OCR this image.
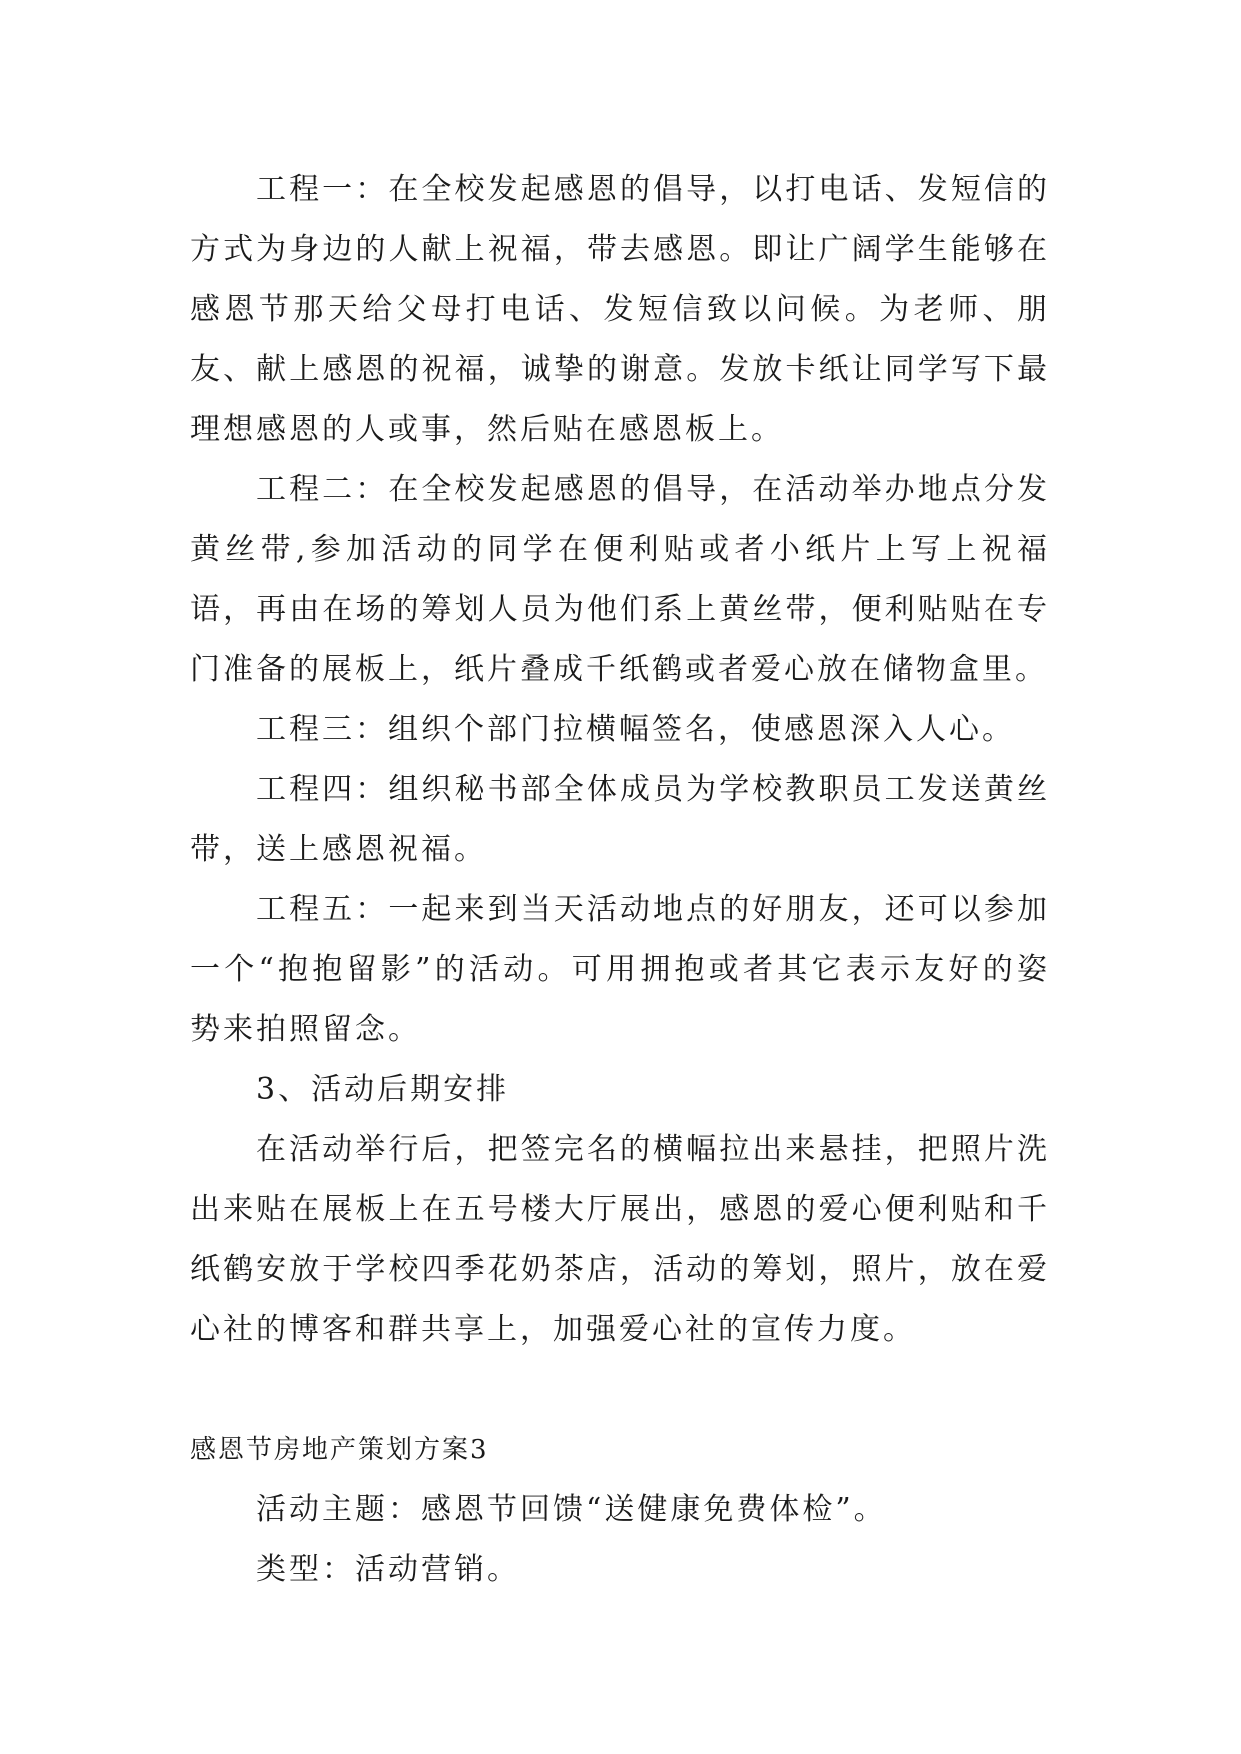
工程一：在全校发起感恩的倡导，以打电话、发短信的方式为身边的人献上祝福，带去感恩。即让广阔学生能够在感恩节那天给父母打电话、发短信致以问候。为老师、朋友、献上感恩的祝福，诚挚的谢意。发放卡纸让同学写下最理想感恩的人或事，然后贴在感恩板上。

工程二：在全校发起感恩的倡导，在活动举办地点分发黄丝带,参加活动的同学在便利贴或者小纸片上写上祝福语，再由在场的筹划人员为他们系上黄丝带，便利贴贴在专门准备的展板上，纸片叠成千纸鹤或者爱心放在储物盒里。

工程三：组织个部门拉横幅签名，使感恩深入人心。

工程四：组织秘书部全体成员为学校教职员工发送黄丝带，送上感恩祝福。

工程五：一起来到当天活动地点的好朋友，还可以参加一个“抱抱留影”的活动。可用拥抱或者其它表示友好的姿势来拍照留念。

3、活动后期安排

在活动举行后，把签完名的横幅拉出来悬挂，把照片洗出来贴在展板上在五号楼大厅展出，感恩的爱心便利贴和千纸鹤安放于学校四季花奶茶店，活动的筹划，照片，放在爱心社的博客和群共享上，加强爱心社的宣传力度。

感恩节房地产策划方案3

活动主题：感恩节回馈“送健康免费体检”。

类型：活动营销。
